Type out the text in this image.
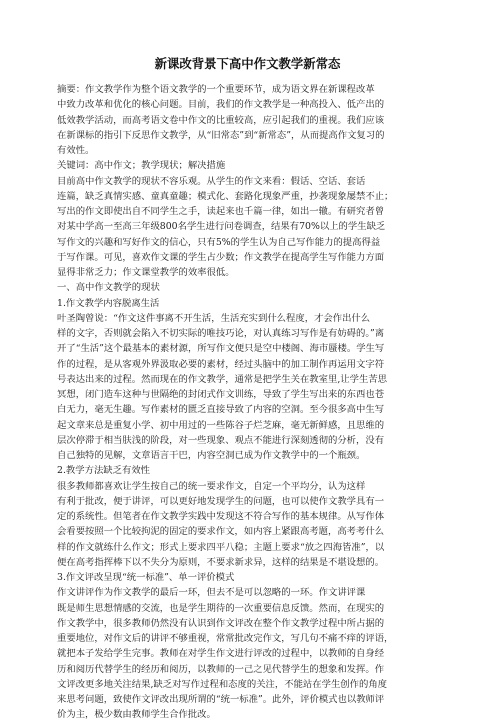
新课改背景下高中作文教学新常态
摘要：作文教学作为整个语文教学的一个重要环节，成为语文界在新课程改革
中致力改革和优化的核心问题。目前，我们的作文教学是一种高投入、低产出的
低效教学活动，而高考语文卷中作文的比重较高，应引起我们的重视。我们应该
在新课标的指引下反思作文教学，从“旧常态”到“新常态”，从而提高作文复习的
有效性。
关键词：高中作文；教学现状；解决措施
目前高中作文教学的现状不容乐观。从学生的作文来看：假话、空话、套话
连篇，缺乏真情实感、童真童趣；模式化、套路化现象严重，抄袭现象屡禁不止；
写出的作文即使出自不同学生之手，读起来也千篇一律，如出一辙。有研究者曾
对某中学高一至高三年级800名学生进行问卷调查，结果有70%以上的学生缺乏
写作文的兴趣和写好作文的信心，只有5%的学生认为自己写作能力的提高得益
于写作课。可见，喜欢作文课的学生占少数；作文教学在提高学生写作能力方面
显得非常乏力；作文课堂教学的效率很低。
一、高中作文教学的现状
1.作文教学内容脱离生活
叶圣陶曾说：“作文这件事离不开生活，生活充实到什么程度，才会作出什么
样的文字，否则就会陷入不切实际的唯技巧论，对认真练习写作是有妨碍的。”离
开了“生活”这个最基本的素材源，所写作文便只是空中楼阁、海市蜃楼。学生写
作的过程，是从客观外界汲取必要的素材，经过头脑中的加工制作再运用文字符
号表达出来的过程。然而现在的作文教学，通常是把学生关在教室里,让学生苦思
冥想，闭门造车这种与世隔绝的封闭式作文训练，导致了学生写出来的东西也苍
白无力，毫无生趣。写作素材的匮乏直接导致了内容的空洞。至今很多高中生写
起文章来总是重复小学、初中用过的一些陈谷子烂芝麻，毫无新鲜感，且思维的
层次停滞于相当肤浅的阶段，对一些现象、观点不能进行深刻透彻的分析，没有
自己独特的见解，文章语言干巴，内容空洞已成为作文教学中的一个瓶颈。
2.教学方法缺乏有效性
很多教师都喜欢让学生按自己的统一要求作文，自定一个平均分，认为这样
有利于批改，便于讲评，可以更好地发现学生的问题，也可以使作文教学具有一
定的系统性。但笔者在作文教学实践中发现这不符合写作的基本规律。从写作体
会看要按照一个比较拘泥的固定的要求作文，如内容上紧跟高考题，高考考什么
样的作文就练什么作文；形式上要求四平八稳；主题上要求“放之四海皆准”，以
便在高考指挥棒下以不失分为原则，不要求新求异，这样的结果是不堪设想的。
3.作文评改呈现“统一标准”、单一评价模式
作文讲评作为作文教学的最后一环，但去不是可以忽略的一环。作文讲评课
既是师生思想情感的交流，也是学生期待的一次重要信息反馈。然而，在现实的
作文教学中，很多教师仍然没有认识到作文评改在整个作文教学过程中所占据的
重要地位，对作文后的讲评不够重视，常常批改完作文，写几句不痛不痒的评语，
就把本子发给学生完事。教师在对学生作文进行评改的过程中，以教师的自身经
历和阅历代替学生的经历和阅历，以教师的一己之见代替学生的想象和发挥。作
文评改更多地关注结果,缺乏对写作过程和态度的关注，不能站在学生创作的角度
来思考问题，致使作文评改出现所谓的“统一标准”。此外，评价模式也以教师评
价为主，极少数由教师学生合作批改。
